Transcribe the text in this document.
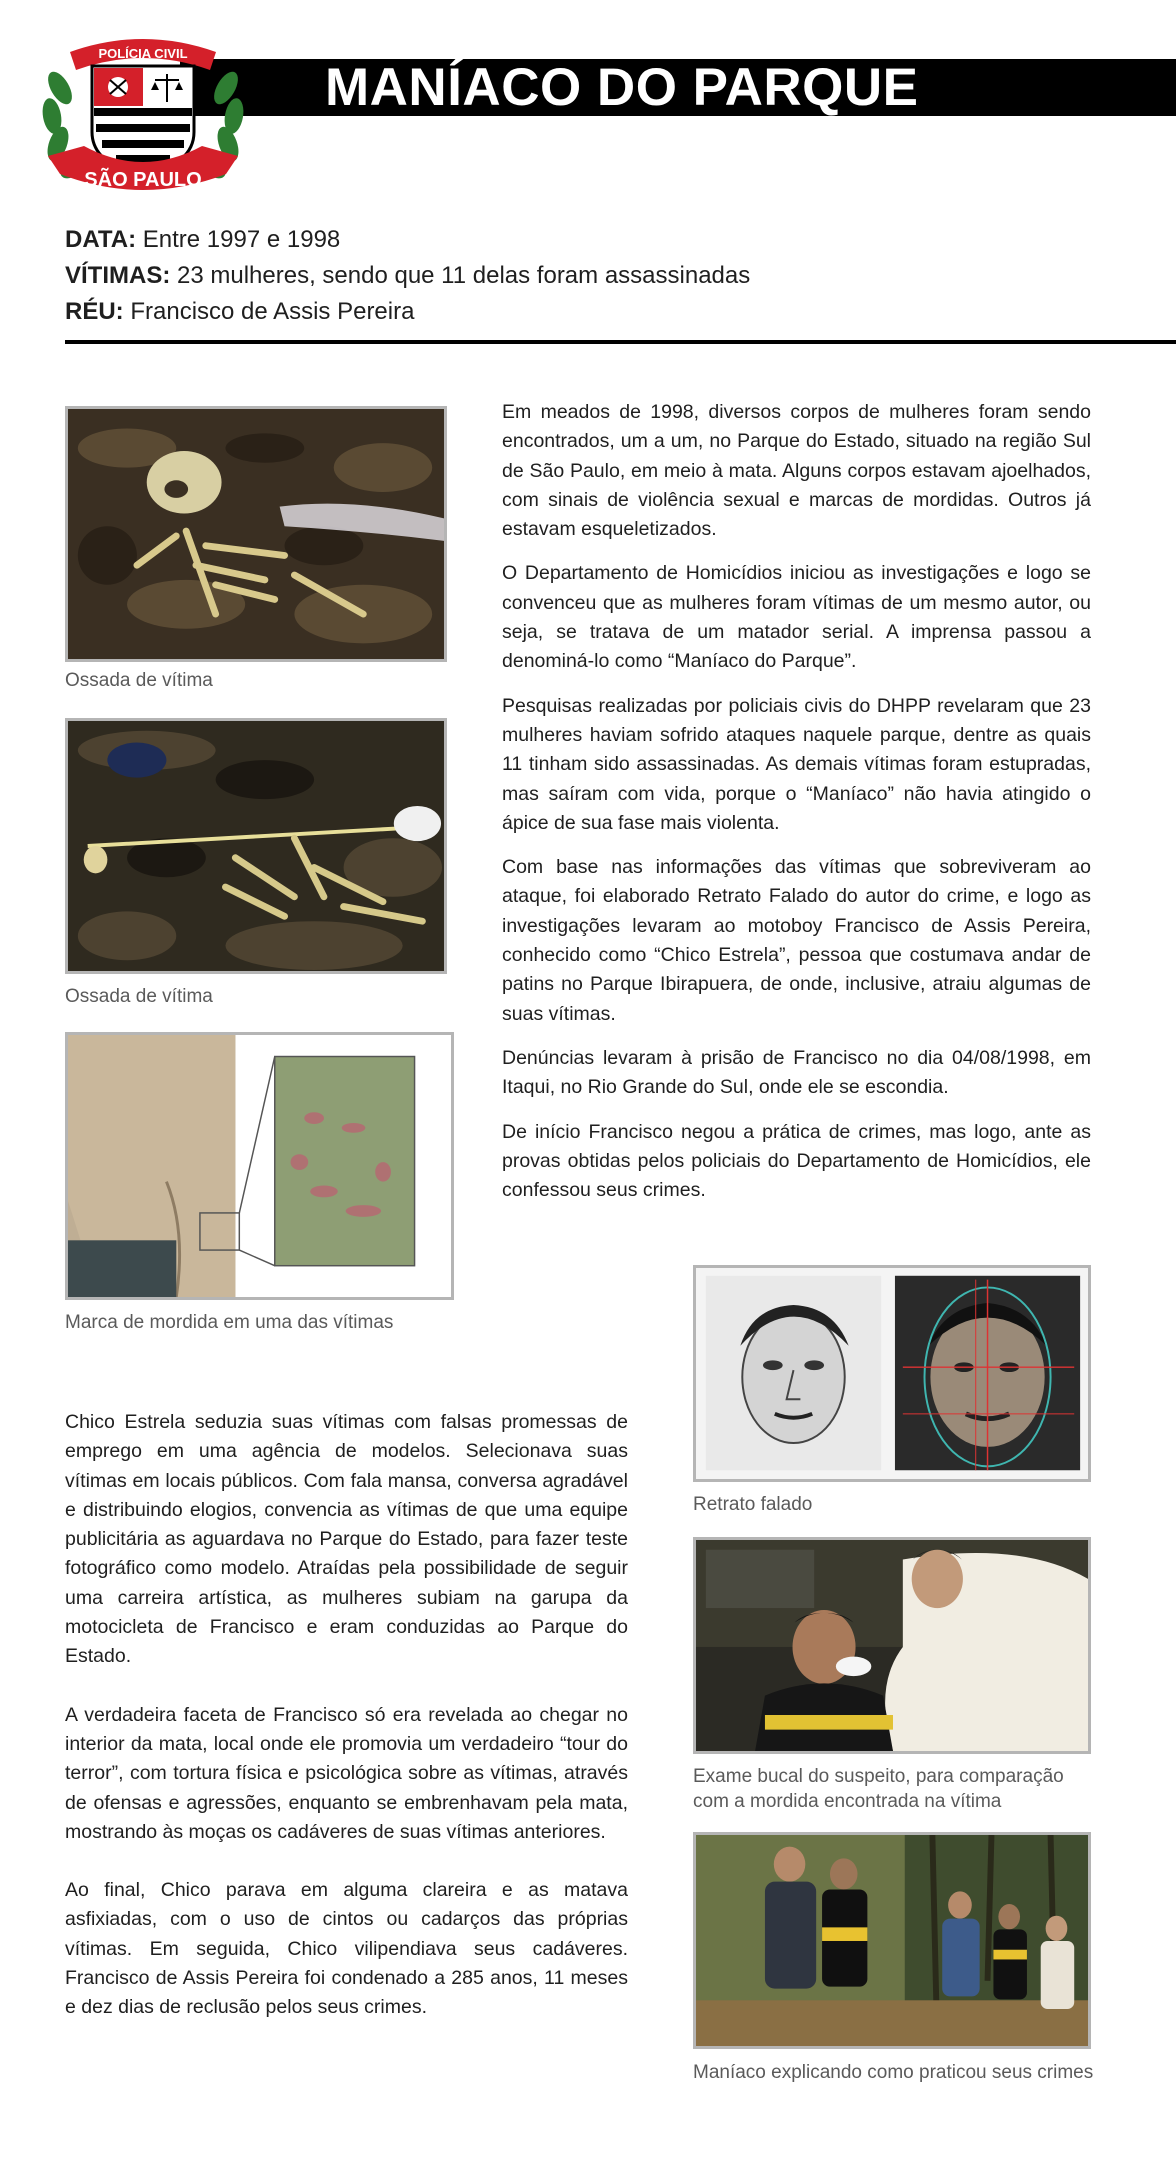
MANÍACO DO PARQUE
POLÍCIA CIVIL
SÃO PAULO
DATA: Entre 1997 e 1998
VÍTIMAS: 23 mulheres, sendo que 11 delas foram assassinadas
RÉU: Francisco de Assis Pereira
Ossada de vítima
Ossada de vítima
Marca de mordida em uma das vítimas

Em meados de 1998, diversos corpos de mulheres foram sendo encontrados, um a um, no Parque do Estado, situado na região Sul de São Paulo, em meio à mata. Alguns corpos estavam ajoelhados, com sinais de violência sexual e marcas de mordidas. Outros já estavam esqueletizados.

O Departamento de Homicídios iniciou as investigações e logo se convenceu que as mulheres foram vítimas de um mesmo autor, ou seja, se tratava de um matador serial. A imprensa passou a denominá-lo como “Maníaco do Parque”.

Pesquisas realizadas por policiais civis do DHPP revelaram que 23 mulheres haviam sofrido ataques naquele parque, dentre as quais 11 tinham sido assassinadas. As demais vítimas foram estupradas, mas saíram com vida, porque o “Maníaco” não havia atingido o ápice de sua fase mais violenta.

Com base nas informações das vítimas que sobreviveram ao ataque, foi elaborado Retrato Falado do autor do crime, e logo as investigações levaram ao motoboy Francisco de Assis Pereira, conhecido como “Chico Estrela”, pessoa que costumava andar de patins no Parque Ibirapuera, de onde, inclusive, atraiu algumas de suas vítimas.

Denúncias levaram à prisão de Francisco no dia 04/08/1998, em Itaqui, no Rio Grande do Sul, onde ele se escondia.

De início Francisco negou a prática de crimes, mas logo, ante as provas obtidas pelos policiais do Departamento de Homicídios, ele confessou seus crimes.

Retrato falado
Exame bucal do suspeito, para comparação
com a mordida encontrada na vítima
Maníaco explicando como praticou seus crimes

Chico Estrela seduzia suas vítimas com falsas promessas de emprego em uma agência de modelos. Selecionava suas vítimas em locais públicos. Com fala mansa, conversa agradável e distribuindo elogios, convencia as vítimas de que uma equipe publicitária as aguardava no Parque do Estado, para fazer teste fotográfico como modelo. Atraídas pela possibilidade de seguir uma carreira artística, as mulheres subiam na garupa da motocicleta de Francisco e eram conduzidas ao Parque do Estado.

A verdadeira faceta de Francisco só era revelada ao chegar no interior da mata, local onde ele promovia um verdadeiro “tour do terror”, com tortura física e psicológica sobre as vítimas, através de ofensas e agressões, enquanto se embrenhavam pela mata, mostrando às moças os cadáveres de suas vítimas anteriores.

Ao final, Chico parava em alguma clareira e as matava asfixiadas, com o uso de cintos ou cadarços das próprias vítimas. Em seguida, Chico vilipendiava seus cadáveres. Francisco de Assis Pereira foi condenado a 285 anos, 11 meses e dez dias de reclusão pelos seus crimes.
